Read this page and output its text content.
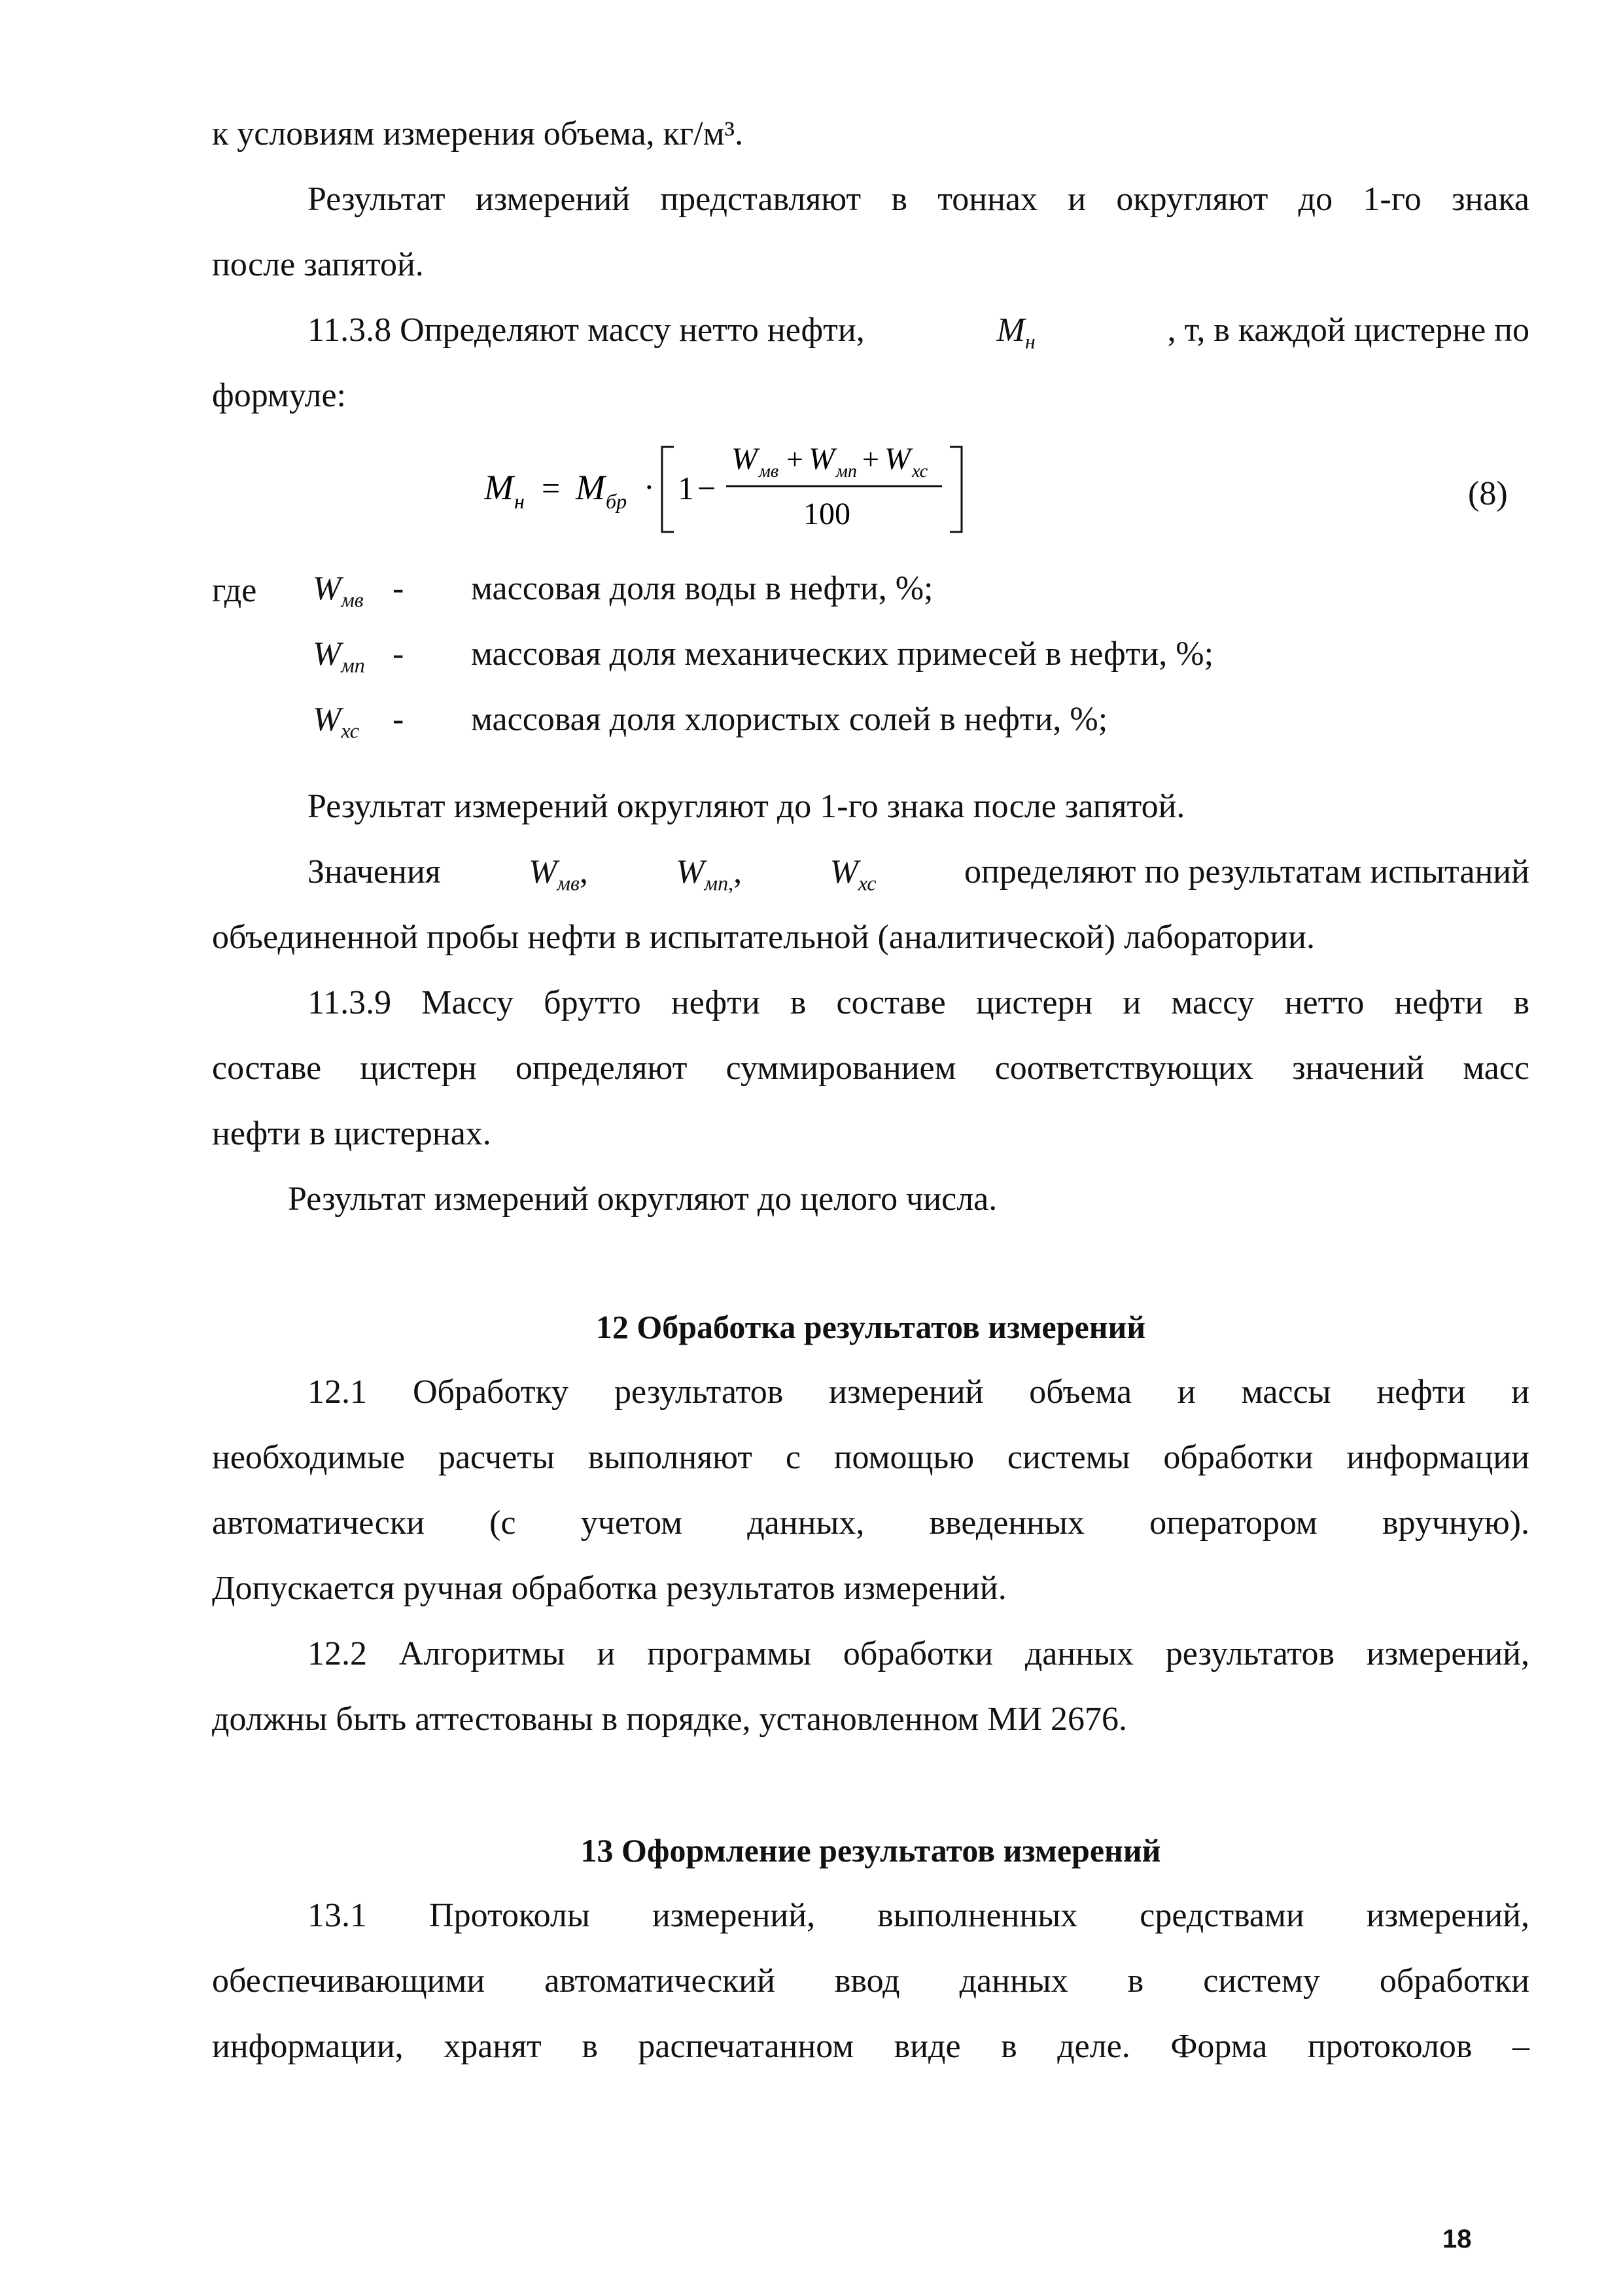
к условиям измерения объема, кг/м³.
Результат измерений представляют в тоннах и округляют до 1-го знака
после запятой.
11.3.8 Определяют массу нетто нефти,	$M_н$	, т, в каждой цистерне по
формулe:
M н = M бр · 1 −
W мв + W мп + W хс
100
(8)
где $W_{мв}$ - массовая доля воды в нефти, %;
$W_{мп}$ - массовая доля механических примесей в нефти, %;
$W_{хс}$ - массовая доля хлористых солей в нефти, %;
Результат измерений округляют до 1-го знака после запятой.
Значения	$W_{мв}$,	$W_{мп,}$,	$W_{хс}$	определяют по результатам испытаний
объединенной пробы нефти в испытательной (аналитической) лаборатории.
11.3.9 Массу брутто нефти в составе цистерн и массу нетто нефти в
составе цистерн определяют суммированием соответствующих значений масс
нефти в цистернах.
Результат измерений округляют до целого числа.
12 Обработка результатов измерений
12.1 Обработку результатов измерений объема и массы нефти и
необходимые расчеты выполняют с помощью системы обработки информации
автоматически (с учетом данных, введенных оператором вручную).
Допускается ручная обработка результатов измерений.
12.2 Алгоритмы и программы обработки данных результатов измерений,
должны быть аттестованы в порядке, установленном МИ 2676.
13 Оформление результатов измерений
13.1 Протоколы измерений, выполненных средствами измерений,
обеспечивающими автоматический ввод данных в систему обработки
информации, хранят в распечатанном виде в деле. Форма протоколов –
18
